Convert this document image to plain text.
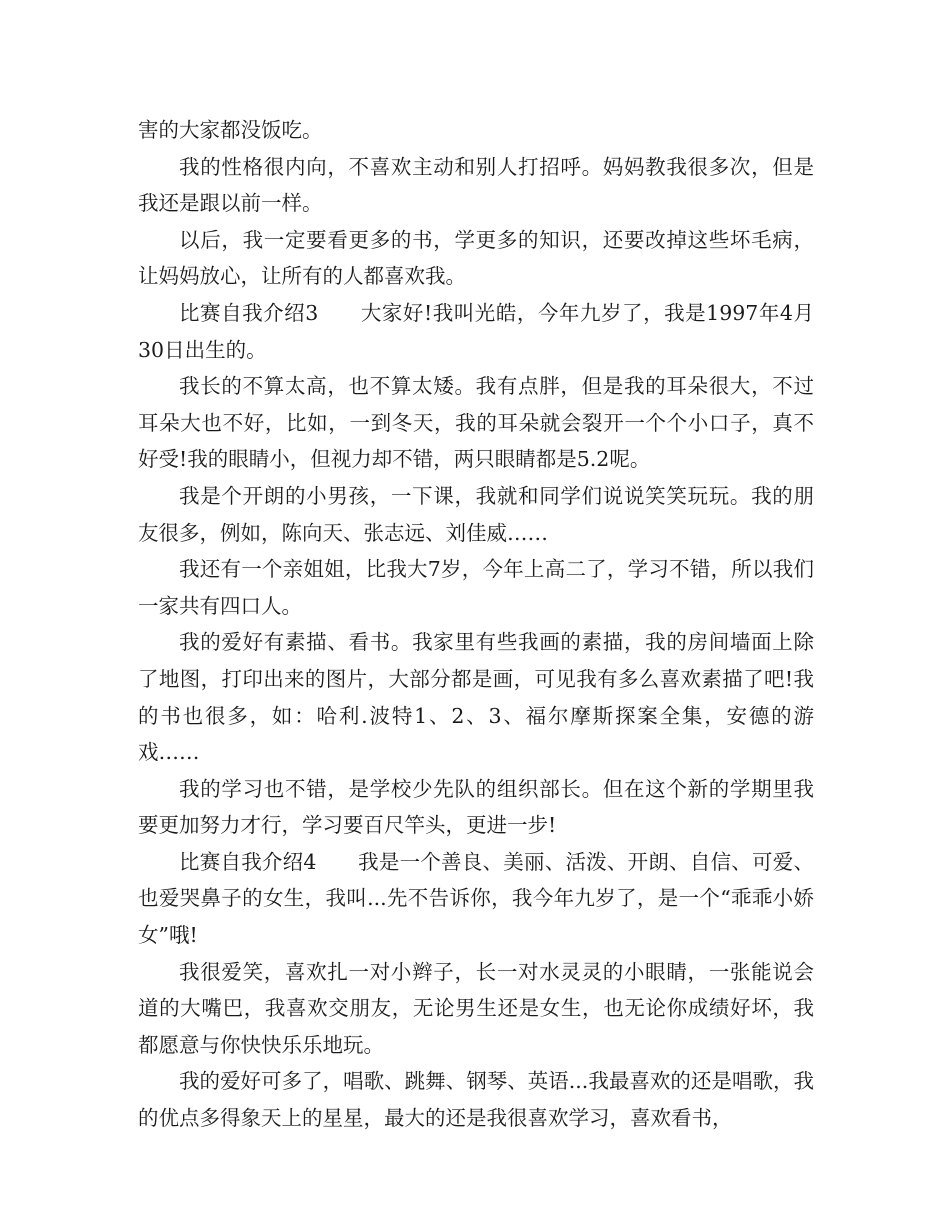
害的大家都没饭吃。

我的性格很内向，不喜欢主动和别人打招呼。妈妈教我很多次，但是我还是跟以前一样。

以后，我一定要看更多的书，学更多的知识，还要改掉这些坏毛病，让妈妈放心，让所有的人都喜欢我。

比赛自我介绍3　　大家好!我叫光皓，今年九岁了，我是1997年4月30日出生的。

我长的不算太高，也不算太矮。我有点胖，但是我的耳朵很大，不过耳朵大也不好，比如，一到冬天，我的耳朵就会裂开一个个小口子，真不好受!我的眼睛小，但视力却不错，两只眼睛都是5.2呢。

我是个开朗的小男孩，一下课，我就和同学们说说笑笑玩玩。我的朋友很多，例如，陈向天、张志远、刘佳威……

我还有一个亲姐姐，比我大7岁，今年上高二了，学习不错，所以我们一家共有四口人。

我的爱好有素描、看书。我家里有些我画的素描，我的房间墙面上除了地图，打印出来的图片，大部分都是画，可见我有多么喜欢素描了吧!我的书也很多，如：哈利.波特1、2、3、福尔摩斯探案全集，安德的游戏……

我的学习也不错，是学校少先队的组织部长。但在这个新的学期里我要更加努力才行，学习要百尺竿头，更进一步!

比赛自我介绍4　　我是一个善良、美丽、活泼、开朗、自信、可爱、也爱哭鼻子的女生，我叫...先不告诉你，我今年九岁了，是一个“乖乖小娇女”哦!

我很爱笑，喜欢扎一对小辫子，长一对水灵灵的小眼睛，一张能说会道的大嘴巴，我喜欢交朋友，无论男生还是女生，也无论你成绩好坏，我都愿意与你快快乐乐地玩。

我的爱好可多了，唱歌、跳舞、钢琴、英语...我最喜欢的还是唱歌，我的优点多得象天上的星星，最大的还是我很喜欢学习，喜欢看书，
